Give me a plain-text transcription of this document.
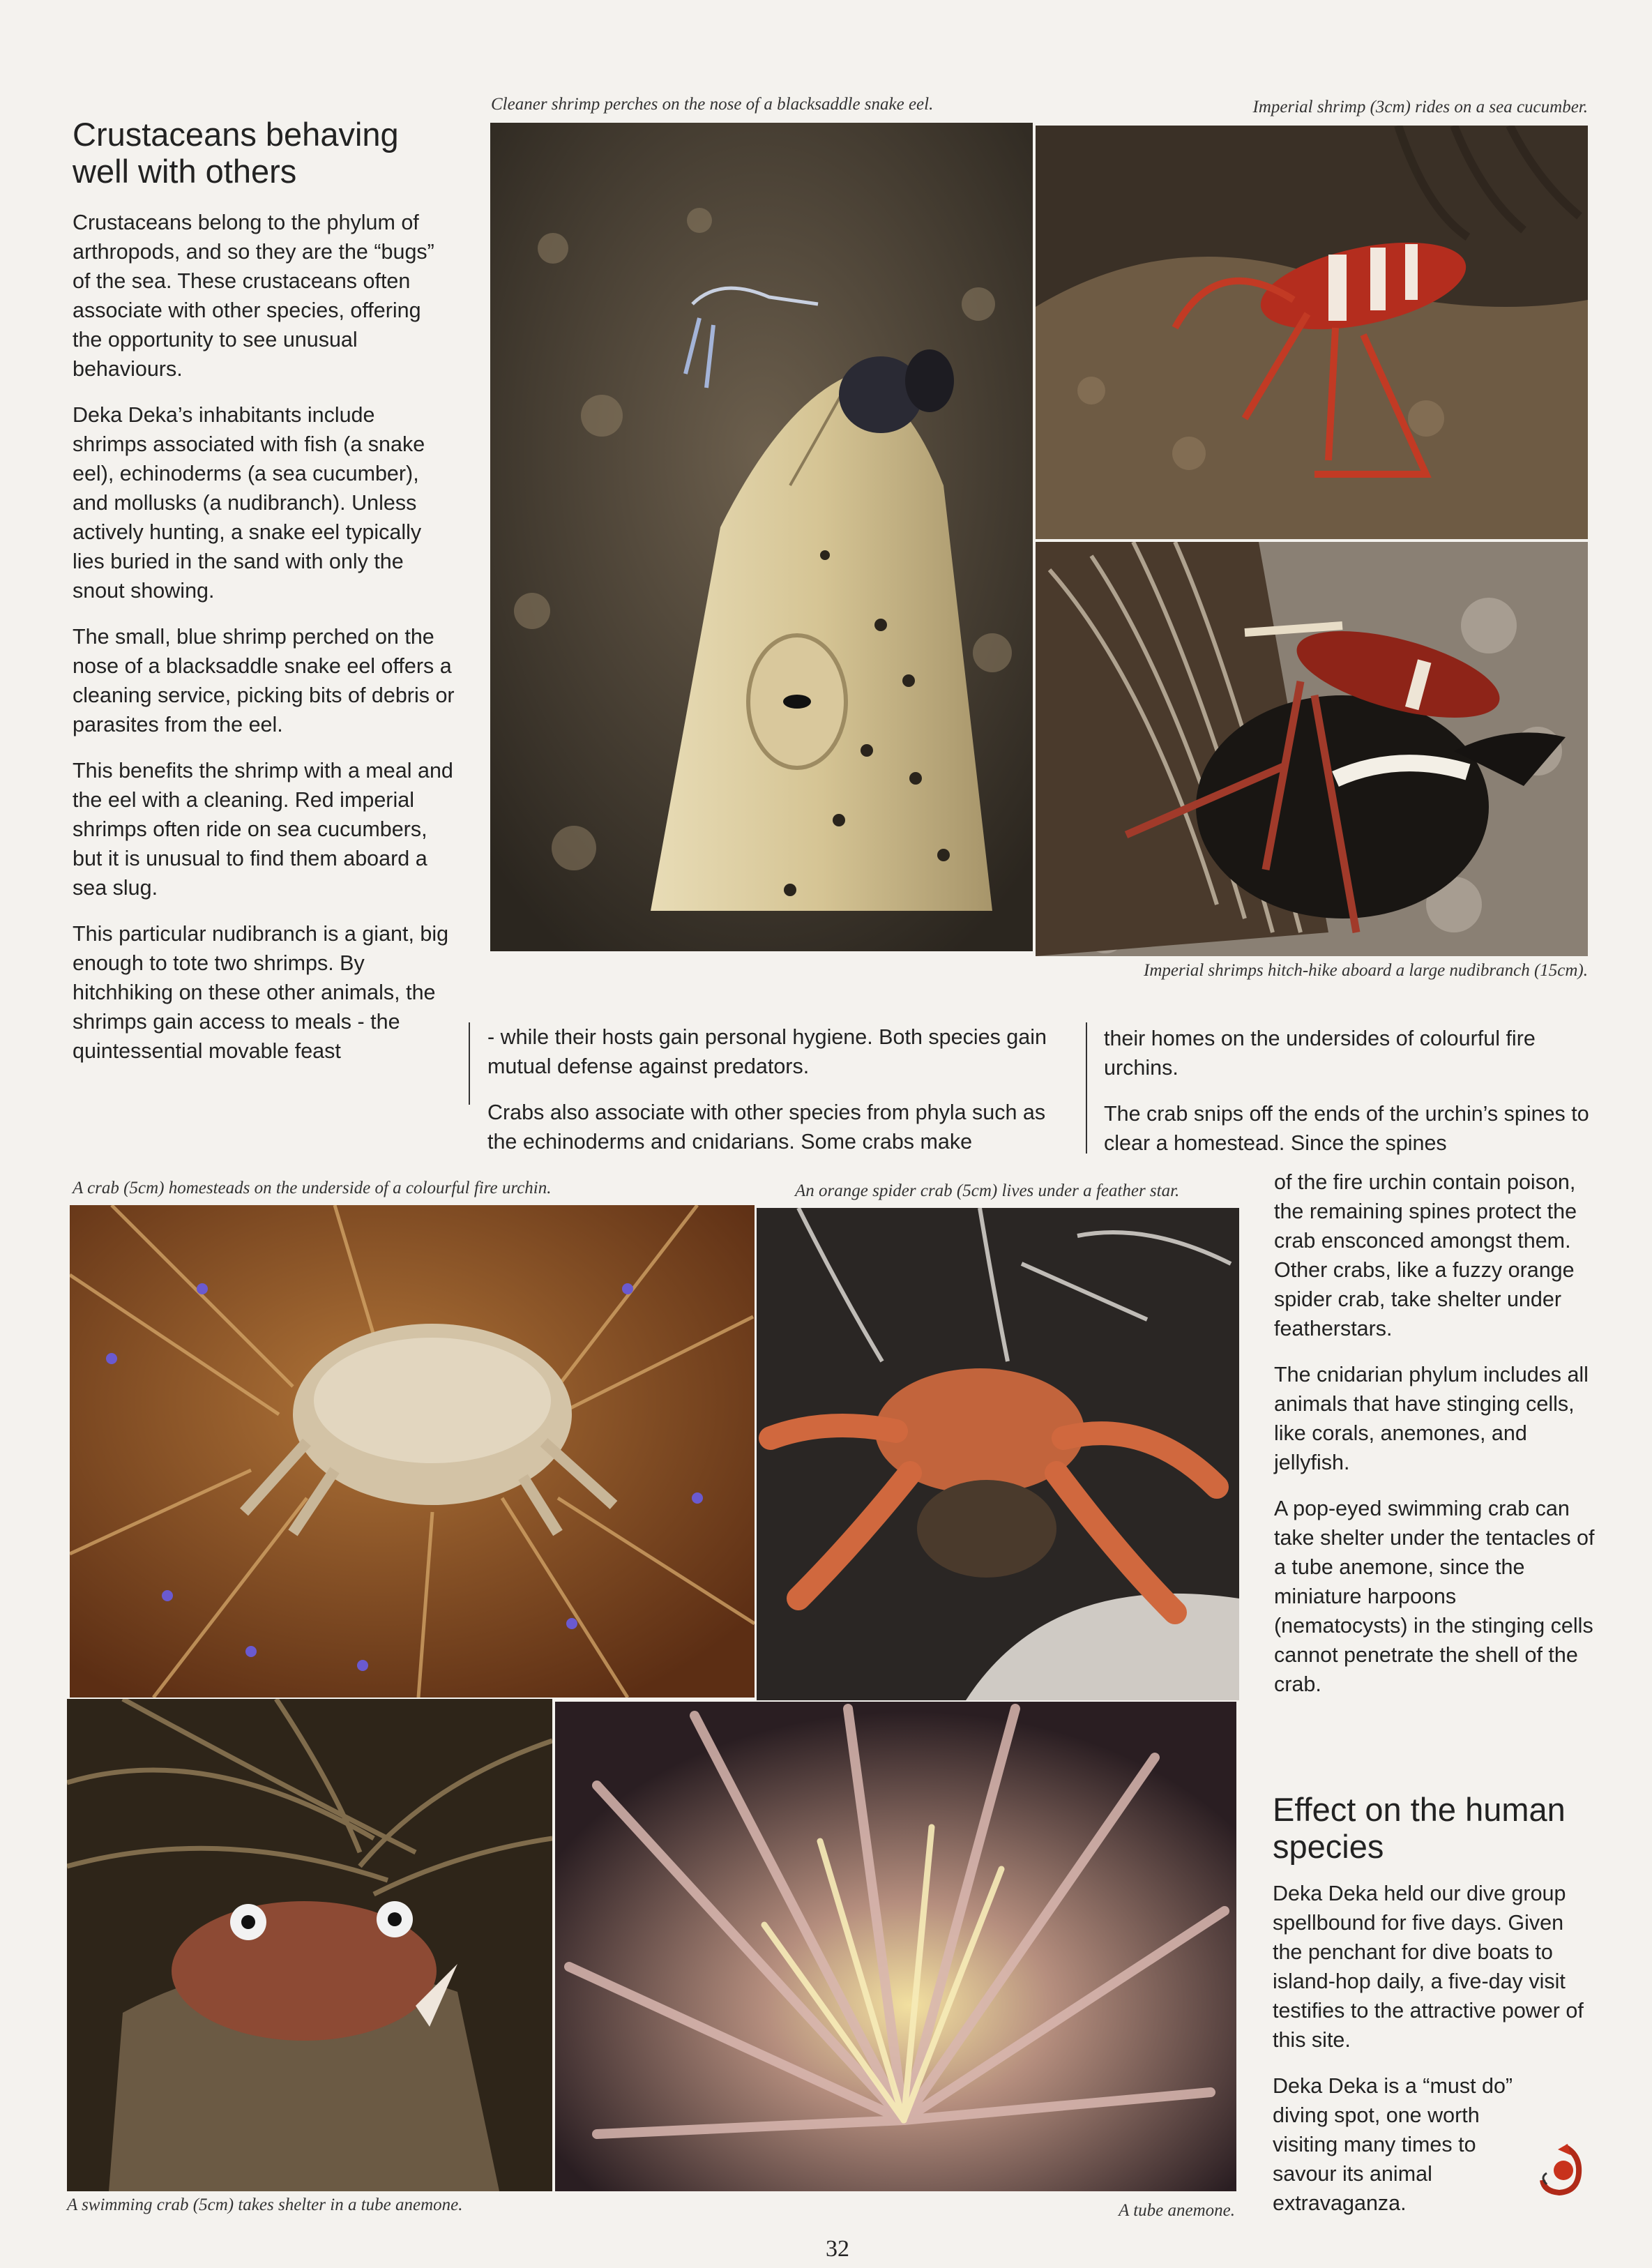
Crustaceans behaving well with others

Crustaceans belong to the phylum of arthropods, and so they are the “bugs” of the sea. These crustaceans often associate with other species, offering the opportunity to see unusual behaviours.

Deka Deka’s inhabitants include shrimps associated with fish (a snake eel), echinoderms (a sea cucumber), and mollusks (a nudibranch). Unless actively hunting, a snake eel typically lies buried in the sand with only the snout showing.

The small, blue shrimp perched on the nose of a blacksaddle snake eel offers a cleaning service, picking bits of debris or parasites from the eel.

This benefits the shrimp with a meal and the eel with a cleaning. Red imperial shrimps often ride on sea cucumbers, but it is unusual to find them aboard a sea slug.

This particular nudibranch is a giant, big enough to tote two shrimps. By hitchhiking on these other animals, the shrimps gain access to meals - the quintessential movable feast

Cleaner shrimp perches on the nose of a blacksaddle snake eel.	Imperial shrimp (3cm) rides on a sea cucumber.
Imperial shrimps hitch-hike aboard a large nudibranch (15cm).

- while their hosts gain personal hygiene. Both species gain mutual defense against predators.

Crabs also associate with other species from phyla such as the echinoderms and cnidarians. Some crabs make

their homes on the undersides of colourful fire urchins.

The crab snips off the ends of the urchin’s spines to clear a homestead. Since the spines

A crab (5cm) homesteads on the underside of a colourful fire urchin.	An orange spider crab (5cm) lives under a feather star.
A swimming crab (5cm) takes shelter in a tube anemone.	A tube anemone.

of the fire urchin contain poison, the remaining spines protect the crab ensconced amongst them. Other crabs, like a fuzzy orange spider crab, take shelter under featherstars.

The cnidarian phylum includes all animals that have stinging cells, like corals, anemones, and jellyfish.

A pop-eyed swimming crab can take shelter under the tentacles of a tube anemone, since the miniature harpoons (nematocysts) in the stinging cells cannot penetrate the shell of the crab.

Effect on the human species

Deka Deka held our dive group spellbound for five days. Given the penchant for dive boats to island-hop daily, a five-day visit testifies to the attractive power of this site.

Deka Deka is a “must do” diving spot, one worth visiting many times to savour its animal extravaganza.

32
